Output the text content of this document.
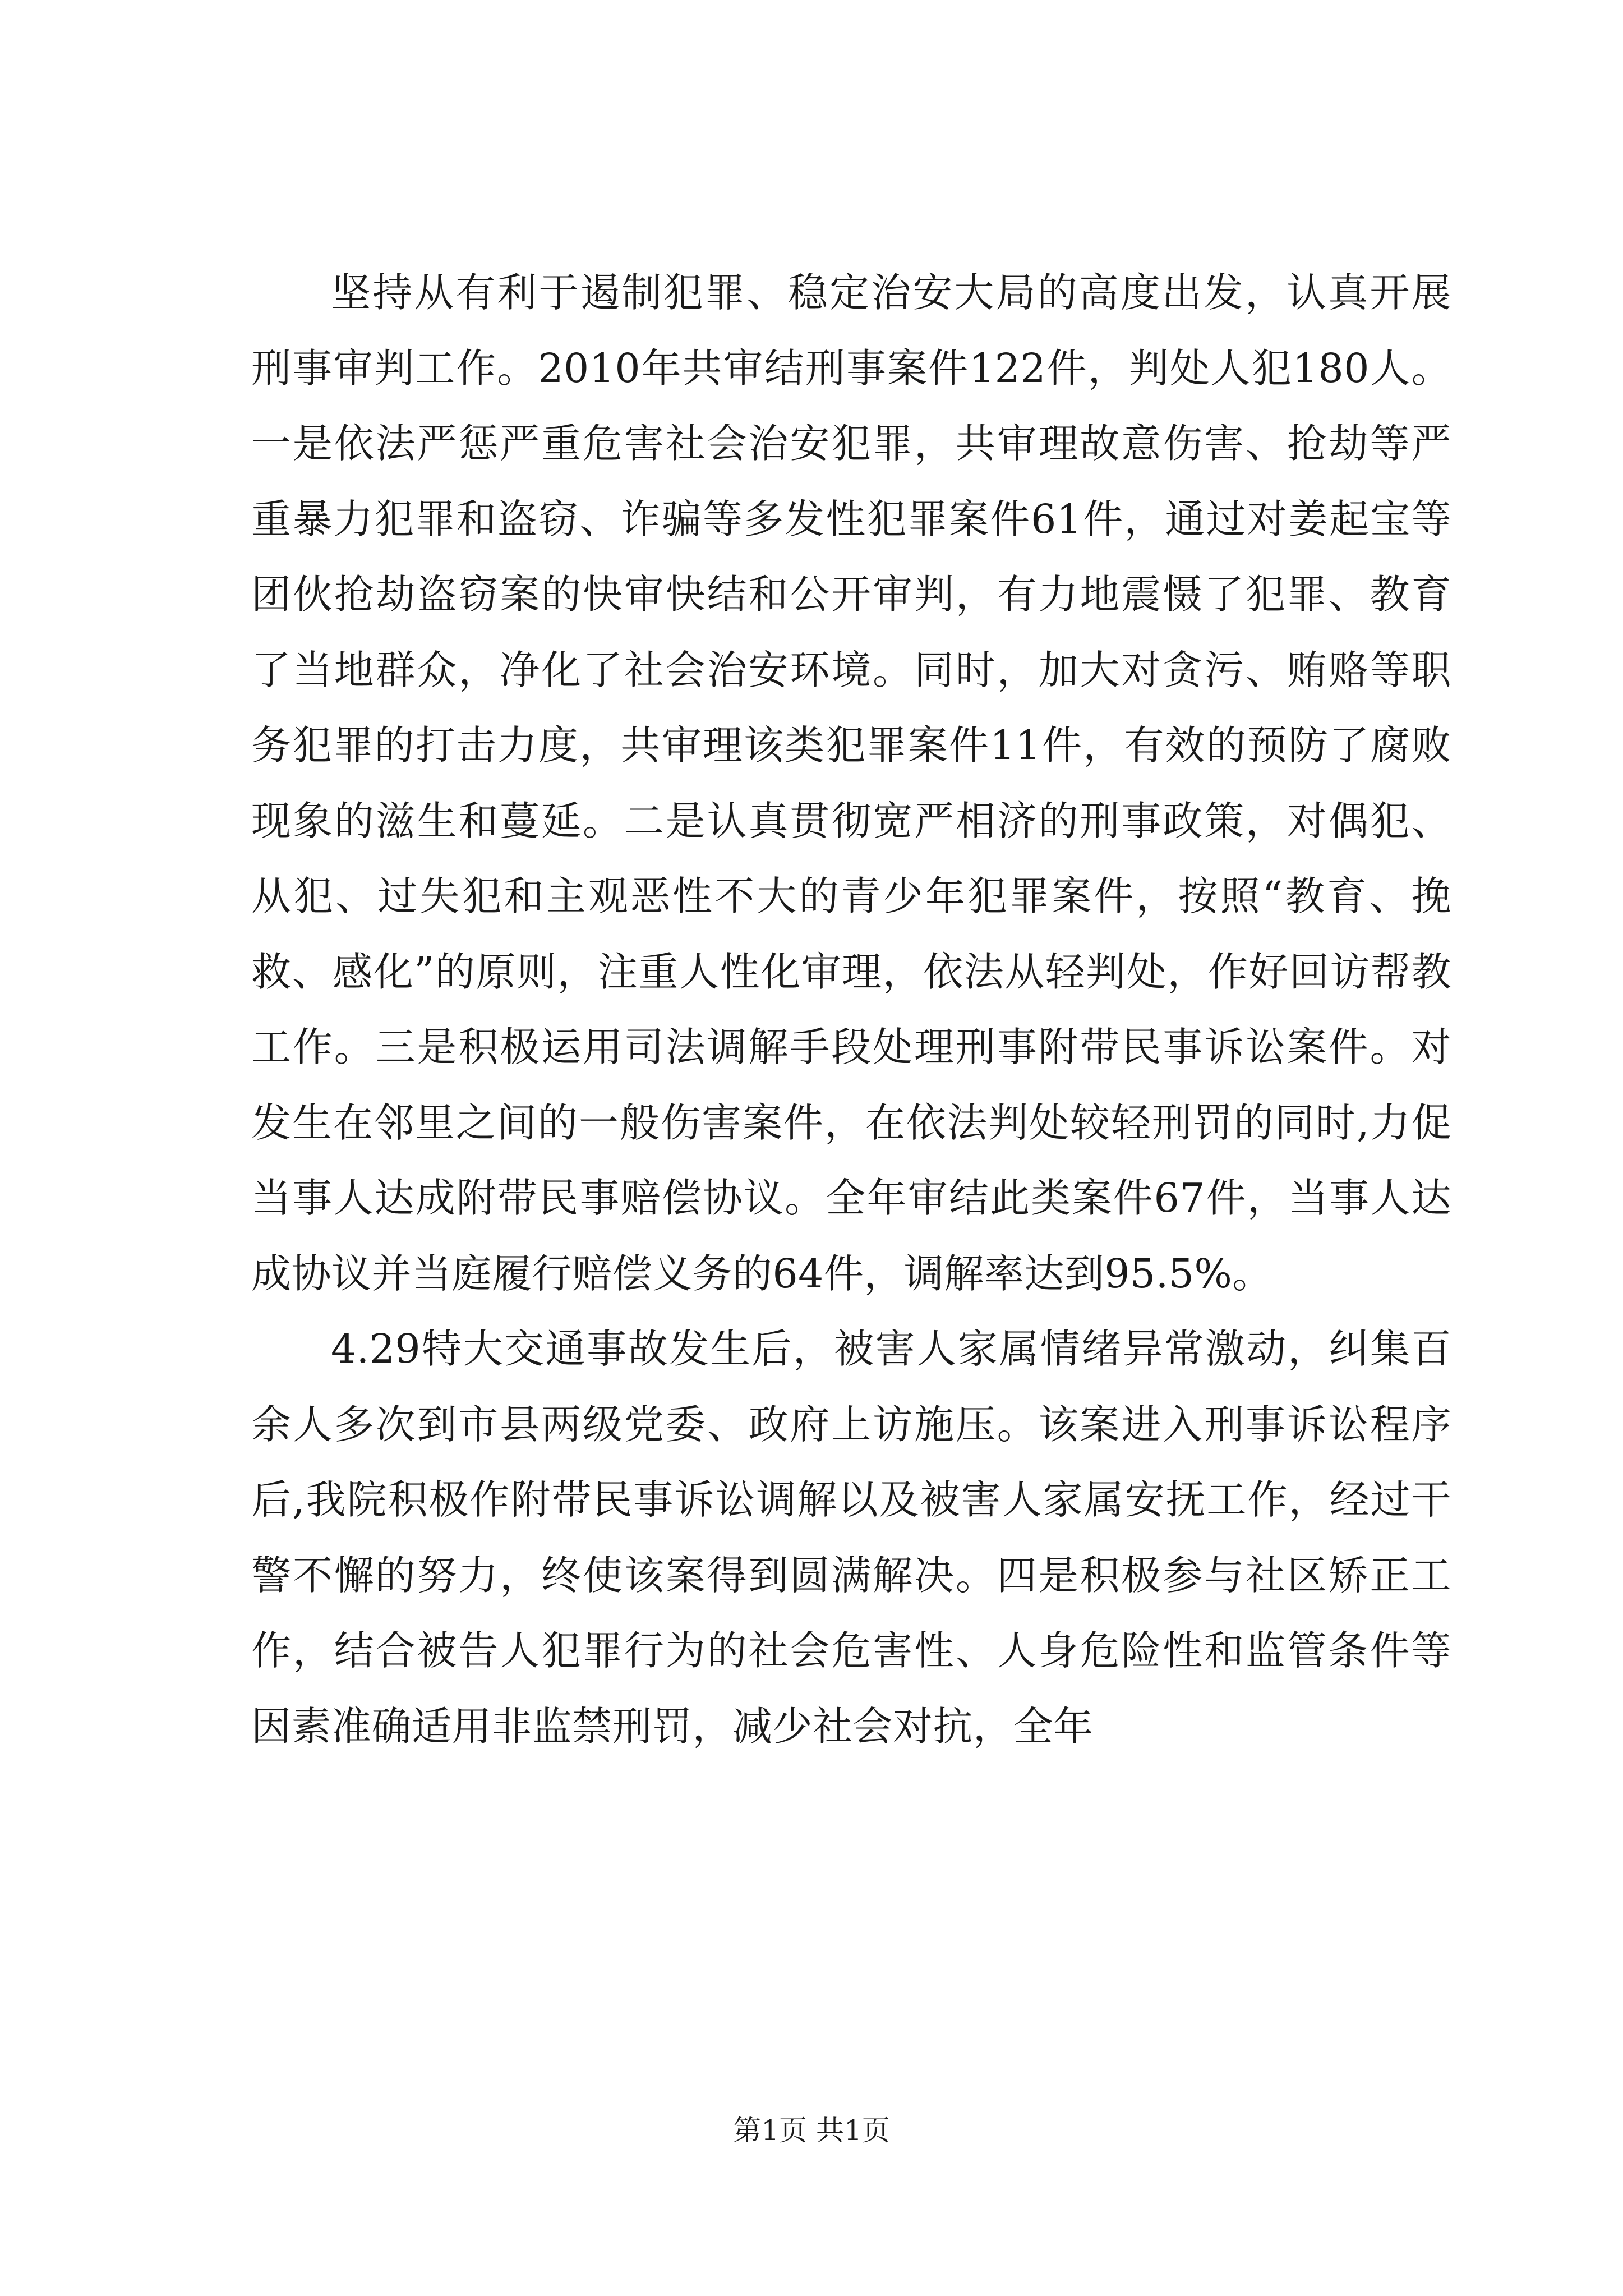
坚持从有利于遏制犯罪、稳定治安大局的高度出发，认真开展刑事审判工作。2010年共审结刑事案件122件，判处人犯180人。一是依法严惩严重危害社会治安犯罪，共审理故意伤害、抢劫等严重暴力犯罪和盗窃、诈骗等多发性犯罪案件61件，通过对姜起宝等团伙抢劫盗窃案的快审快结和公开审判，有力地震慑了犯罪、教育了当地群众，净化了社会治安环境。同时，加大对贪污、贿赂等职务犯罪的打击力度，共审理该类犯罪案件11件，有效的预防了腐败现象的滋生和蔓延。二是认真贯彻宽严相济的刑事政策，对偶犯、从犯、过失犯和主观恶性不大的青少年犯罪案件，按照“教育、挽救、感化”的原则，注重人性化审理，依法从轻判处，作好回访帮教工作。三是积极运用司法调解手段处理刑事附带民事诉讼案件。对发生在邻里之间的一般伤害案件，在依法判处较轻刑罚的同时,力促当事人达成附带民事赔偿协议。全年审结此类案件67件，当事人达成协议并当庭履行赔偿义务的64件，调解率达到95.5%。

4.29特大交通事故发生后，被害人家属情绪异常激动，纠集百余人多次到市县两级党委、政府上访施压。该案进入刑事诉讼程序后,我院积极作附带民事诉讼调解以及被害人家属安抚工作，经过干警不懈的努力，终使该案得到圆满解决。四是积极参与社区矫正工作，结合被告人犯罪行为的社会危害性、人身危险性和监管条件等因素准确适用非监禁刑罚，减少社会对抗，全年

第1页 共1页
